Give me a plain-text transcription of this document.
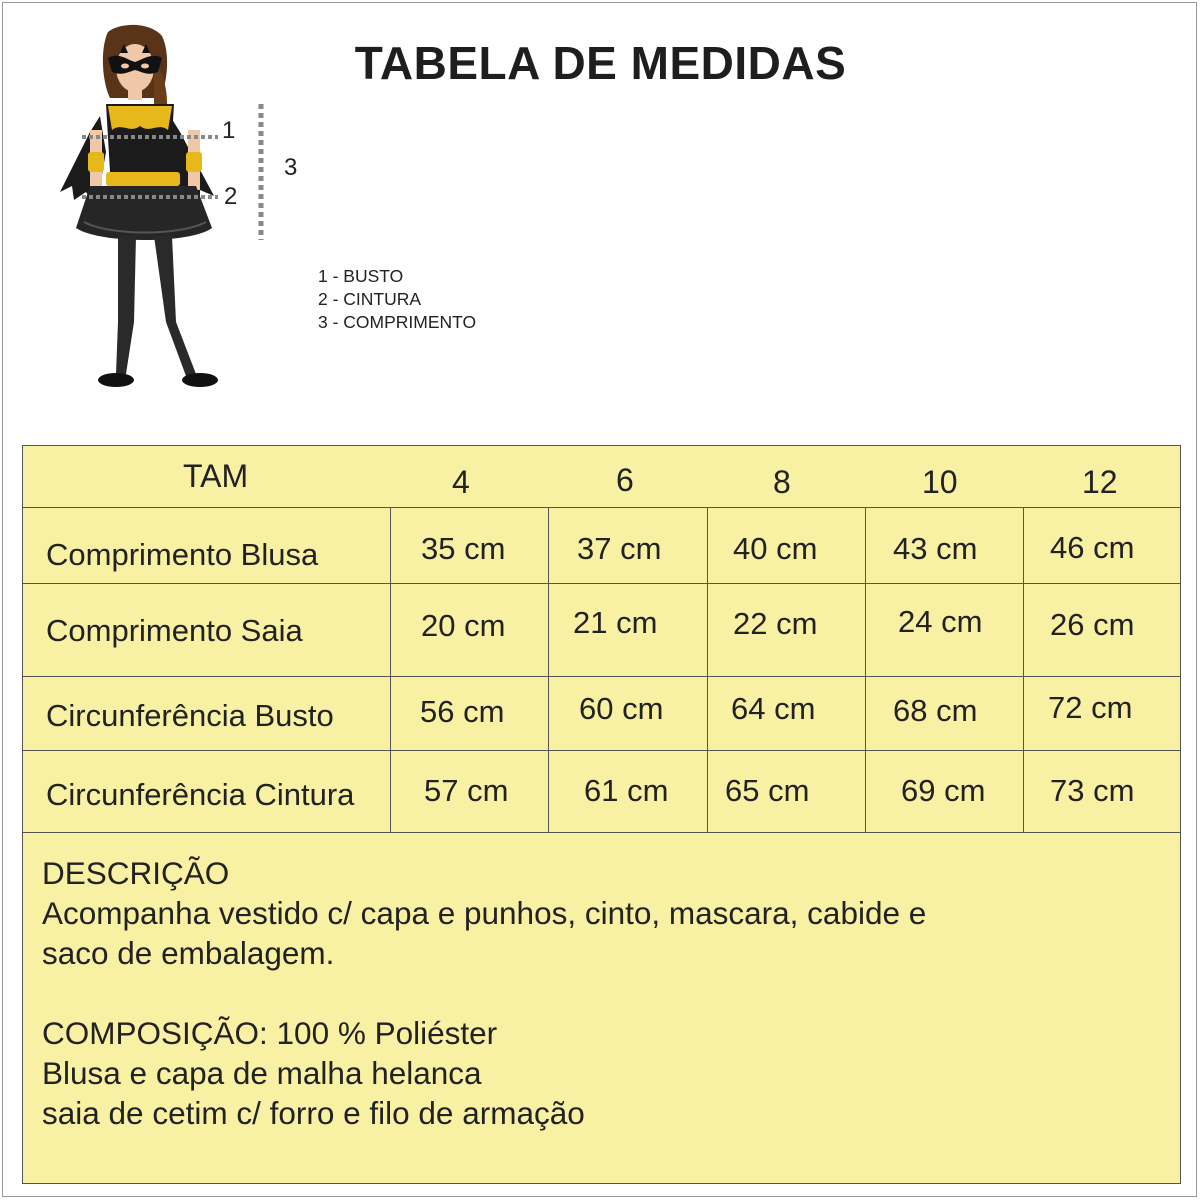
TABELA DE MEDIDAS
1
2
3
1 - BUSTO
2 - CINTURA
3 - COMPRIMENTO
TAM	4	6	8	10	12
Comprimento Blusa	35 cm 37 cm 40 cm 43 cm 46 cm
Comprimento Saia	20 cm 21 cm 22 cm	24 cm 26 cm
Circunferência Busto	56 cm 60 cm 64 cm	68 cm 72 cm
Circunferência Cintura 57 cm 61 cm 65 cm	69 cm 73 cm
DESCRIÇÃO
Acompanha vestido c/ capa e punhos, cinto, mascara, cabide e
saco de embalagem.
COMPOSIÇÃO: 100 % Poliéster
Blusa e capa de malha helanca
saia de cetim c/ forro e filo de armação
